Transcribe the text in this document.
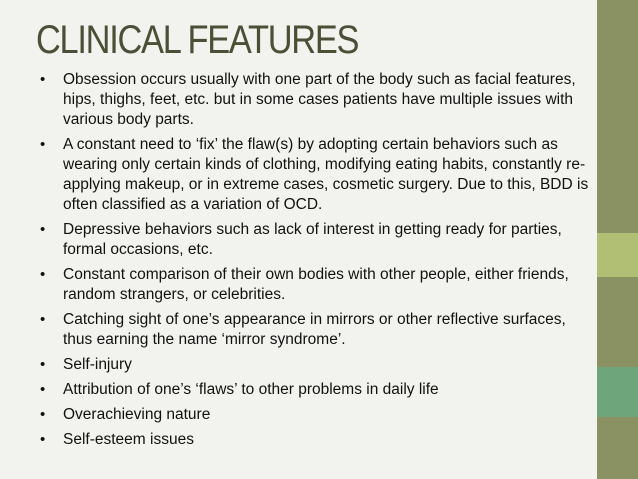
CLINICAL FEATURES
• Obsession occurs usually with one part of the body such as facial features, hips, thighs, feet, etc. but in some cases patients have multiple issues with various body parts.
• A constant need to ‘fix’ the flaw(s) by adopting certain behaviors such as wearing only certain kinds of clothing, modifying eating habits, constantly re-applying makeup, or in extreme cases, cosmetic surgery. Due to this, BDD is often classified as a variation of OCD.
• Depressive behaviors such as lack of interest in getting ready for parties, formal occasions, etc.
• Constant comparison of their own bodies with other people, either friends, random strangers, or celebrities.
• Catching sight of one’s appearance in mirrors or other reflective surfaces, thus earning the name ‘mirror syndrome’.
• Self-injury
• Attribution of one’s ‘flaws’ to other problems in daily life
• Overachieving nature
• Self-esteem issues
